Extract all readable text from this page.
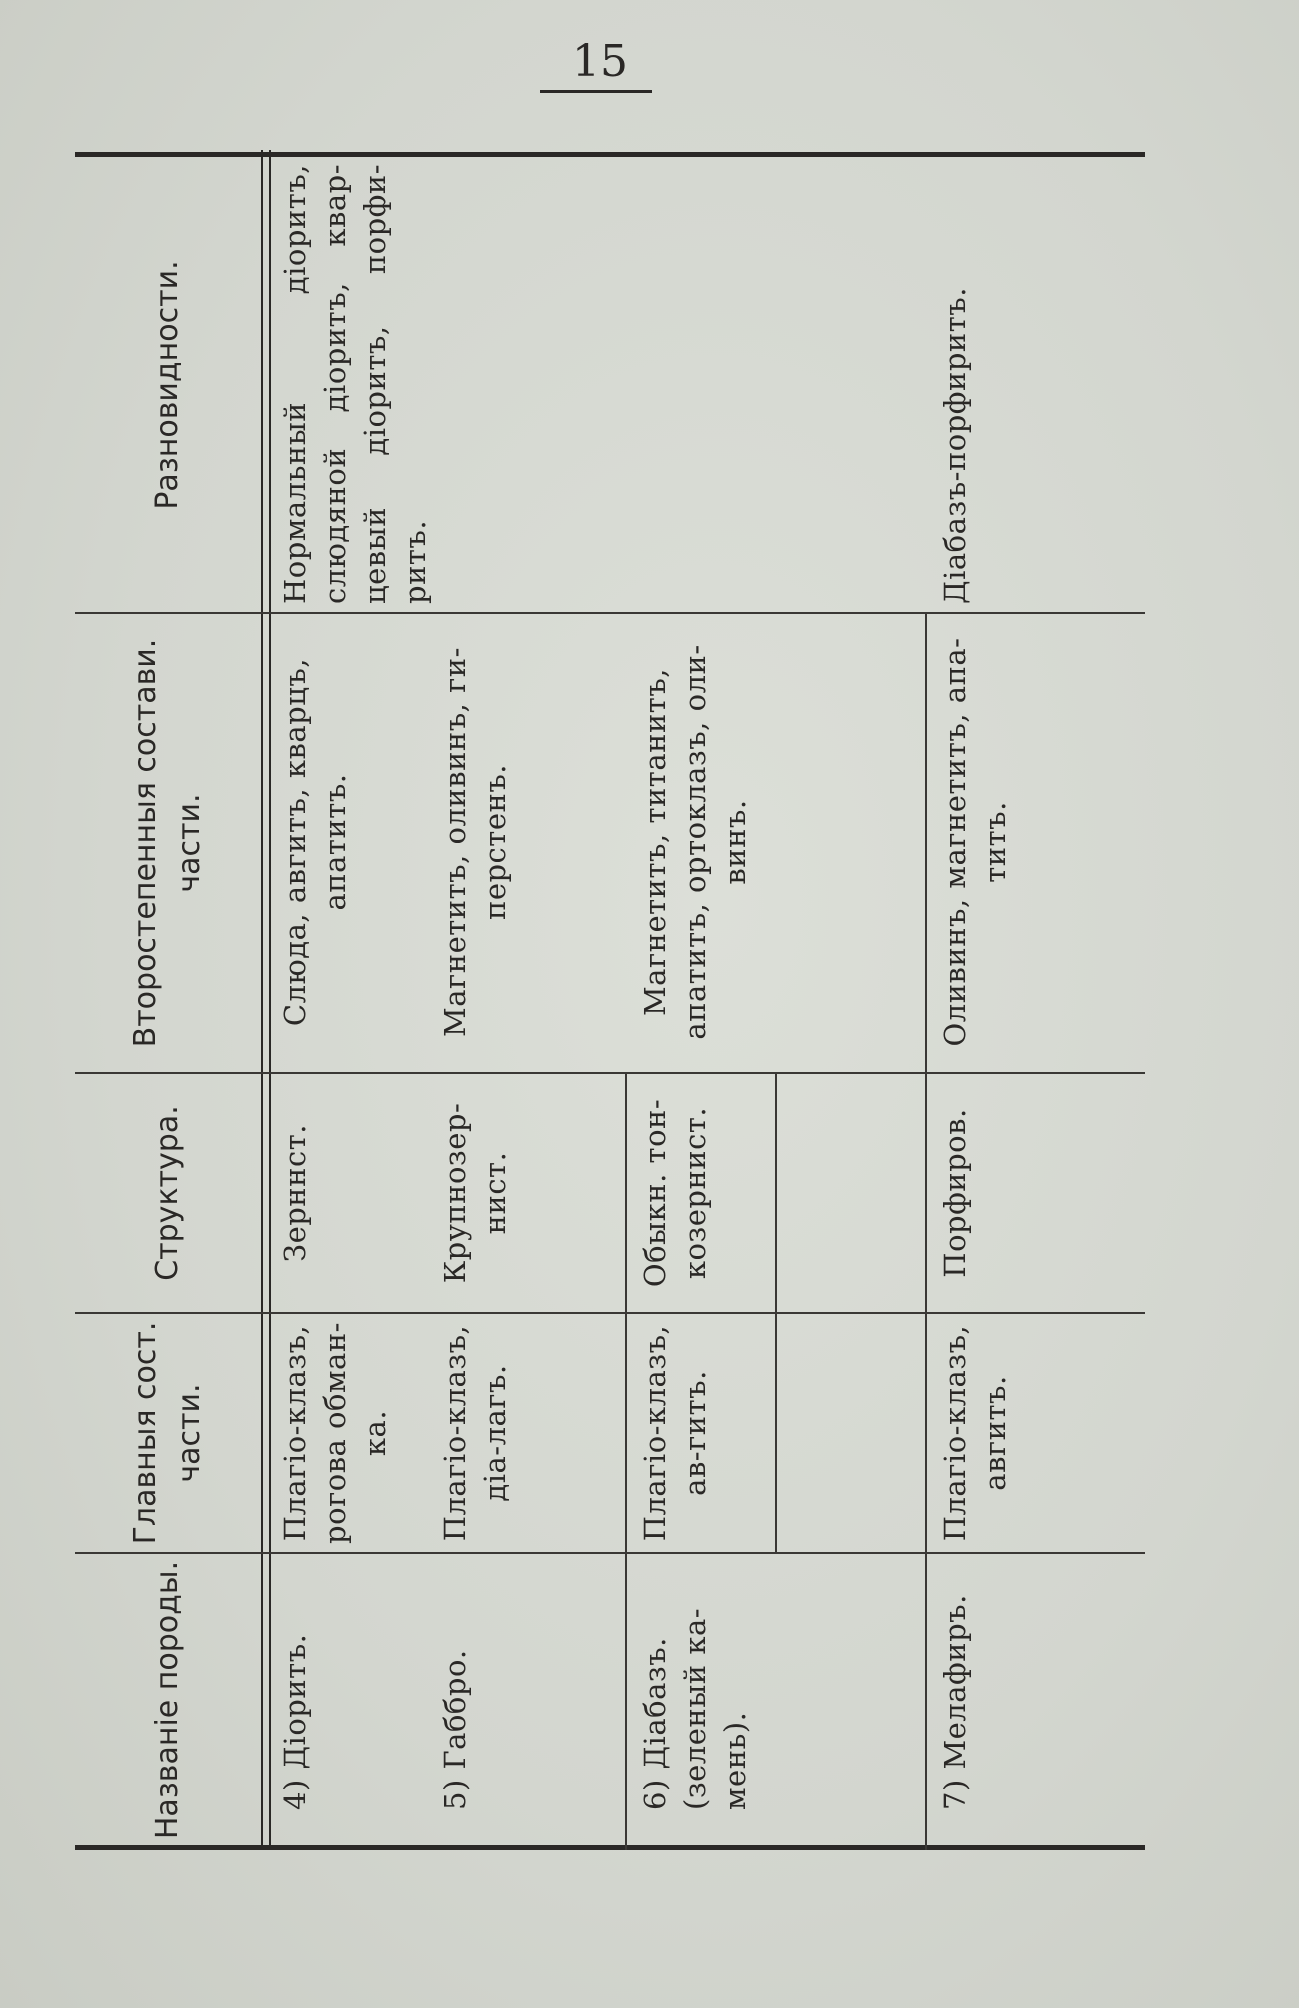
15
Названіе породы.
Главныя сост. части.
Структура.
Второстепенныя состави. части.
Разновидности.
4) Діоритъ.
Плагіо-клазъ, рогова обман-ка.
Зерннст.
Слюда, авгитъ, кварцъ, апатитъ.
Нормальный діоритъ, слюдяной діоритъ, квар-цевый діоритъ, порфи-ритъ.
5) Габбро.
Плагіо-клазъ, діа-лагъ.
Крупнозер-нист.
Магнетитъ, оливинъ, ги-перстенъ.
6) Діабазъ. (зеленый ка-мень).
Плагіо-клазъ, ав-гитъ.
Обыкн. тон-козернист.
Магнетитъ, титанитъ, апатитъ, ортоклазъ, оли-винъ.
7) Мелафиръ.
Плагіо-клазъ, авгитъ.
Порфиров.
Оливинъ, магнетитъ, апа-титъ.
Діабазъ-порфиритъ.
